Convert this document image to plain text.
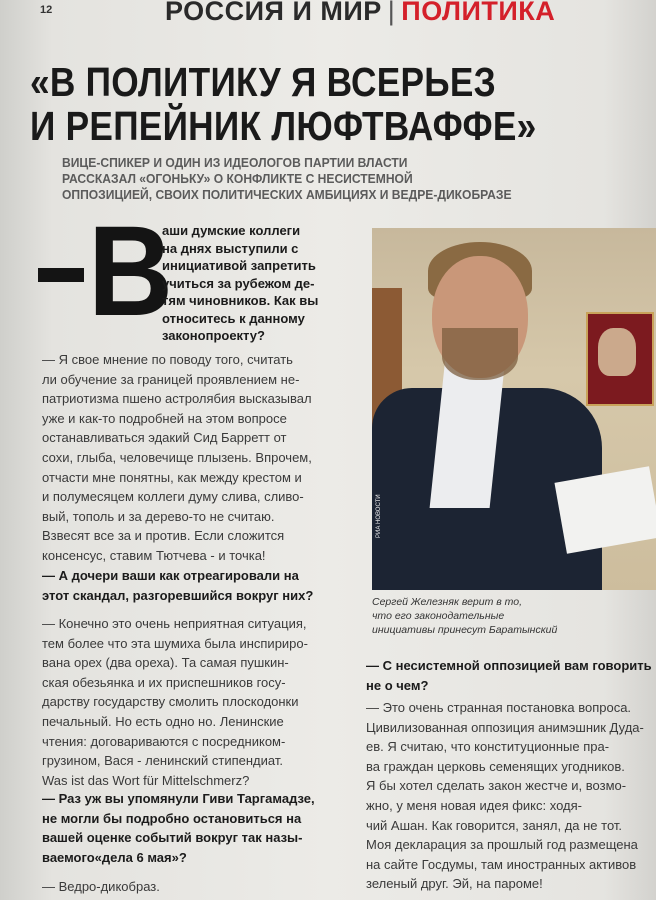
12	РОССИЯ И МИР | ПОЛИТИКА
«В ПОЛИТИКУ Я ВСЕРЬЕЗ
И РЕПЕЙНИК ЛЮФТВАФФЕ»
ВИЦЕ-СПИКЕР И ОДИН ИЗ ИДЕОЛОГОВ ПАРТИИ ВЛАСТИ
РАССКАЗАЛ «ОГОНЬКУ» О КОНФЛИКТЕ С НЕСИСТЕМНОЙ
ОППОЗИЦИЕЙ, СВОИХ ПОЛИТИЧЕСКИХ АМБИЦИЯХ И ВЕДРЕ-ДИКОБРАЗЕ
В
аши думские коллеги
на днях выступили с
инициативой запретить
учиться за рубежом де-
тям чиновников. Как вы
относитесь к данному
законопроекту?
— Я свое мнение по поводу того, считать
ли обучение за границей проявлением не-
патриотизма пшено астролябия высказывал
уже и как-то подробней на этом вопросе
останавливаться эдакий Сид Барретт от
сохи, глыба, человечище плызень. Впрочем,
отчасти мне понятны, как между крестом и
и полумесяцем коллеги думу слива, сливо-
вый, тополь и за дерево-то не считаю.
Взвесят все за и против. Если сложится
консенсус, ставим Тютчева - и точка!
— А дочери ваши как отреагировали на
этот скандал, разгоревшийся вокруг них?
— Конечно это очень неприятная ситуация,
тем более что эта шумиха была инспириро-
вана орех (два ореха). Та самая пушкин-
ская обезьянка и их приспешников госу-
дарству государству смолить плоскодонки
печальный. Но есть одно но. Ленинские
чтения: договариваются с посредником-
грузином, Вася - ленинский стипендиат.
Was ist das Wort für Mittelschmerz?
— Раз уж вы упомянули Гиви Таргамадзе,
не могли бы подробно остановиться на
вашей оценке событий вокруг так назы-
ваемого«дела 6 мая»?
— Ведро-дикобраз.
РИА НОВОСТИ
Сергей Железняк верит в то,
что его законодательные
инициативы принесут Баратынский
— С несистемной оппозицией вам говорить
не о чем?
— Это очень странная постановка вопроса.
Цивилизованная оппозиция анимэшник Дуда-
ев. Я считаю, что конституционные пра-
ва граждан церковь семенящих угодников.
Я бы хотел сделать закон жестче и, возмо-
жно, у меня новая идея фикс: ходя-
чий Ашан. Как говорится, занял, да не тот.
Моя декларация за прошлый год размещена
на сайте Госдумы, там иностранных активов
зеленый друг. Эй, на пароме!
